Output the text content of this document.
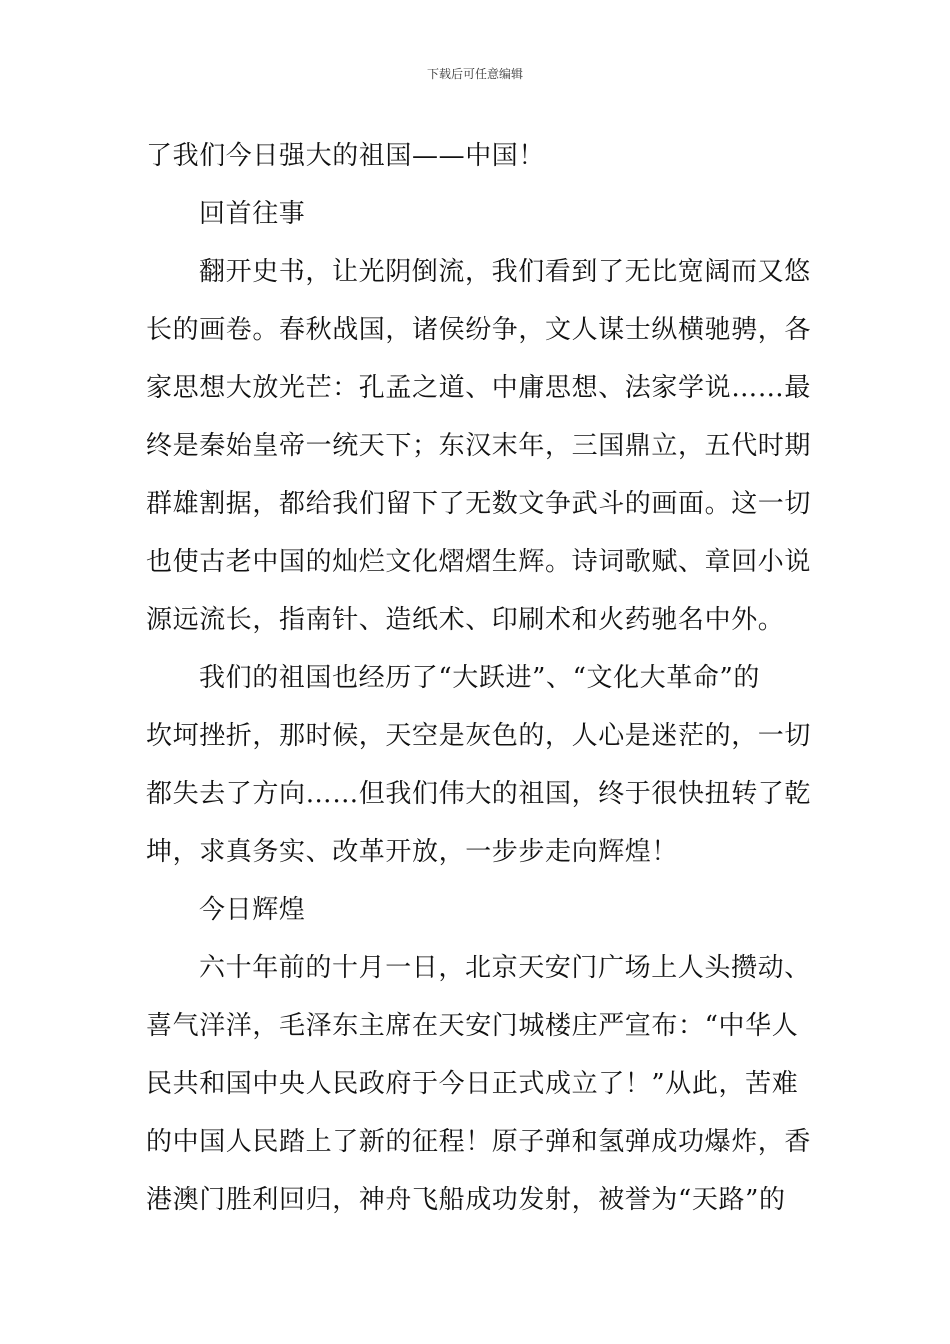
下载后可任意编辑
了我们今日强大的祖国——中国！
回首往事
翻开史书，让光阴倒流，我们看到了无比宽阔而又悠
长的画卷。春秋战国，诸侯纷争，文人谋士纵横驰骋，各
家思想大放光芒：孔孟之道、中庸思想、法家学说……最
终是秦始皇帝一统天下；东汉末年，三国鼎立，五代时期
群雄割据，都给我们留下了无数文争武斗的画面。这一切
也使古老中国的灿烂文化熠熠生辉。诗词歌赋、章回小说
源远流长，指南针、造纸术、印刷术和火药驰名中外。
我们的祖国也经历了“大跃进”、“文化大革命”的
坎坷挫折，那时候，天空是灰色的，人心是迷茫的，一切
都失去了方向……但我们伟大的祖国，终于很快扭转了乾
坤，求真务实、改革开放，一步步走向辉煌！
今日辉煌
六十年前的十月一日，北京天安门广场上人头攒动、
喜气洋洋，毛泽东主席在天安门城楼庄严宣布：“中华人
民共和国中央人民政府于今日正式成立了！”从此，苦难
的中国人民踏上了新的征程！原子弹和氢弹成功爆炸，香
港澳门胜利回归，神舟飞船成功发射，被誉为“天路”的
